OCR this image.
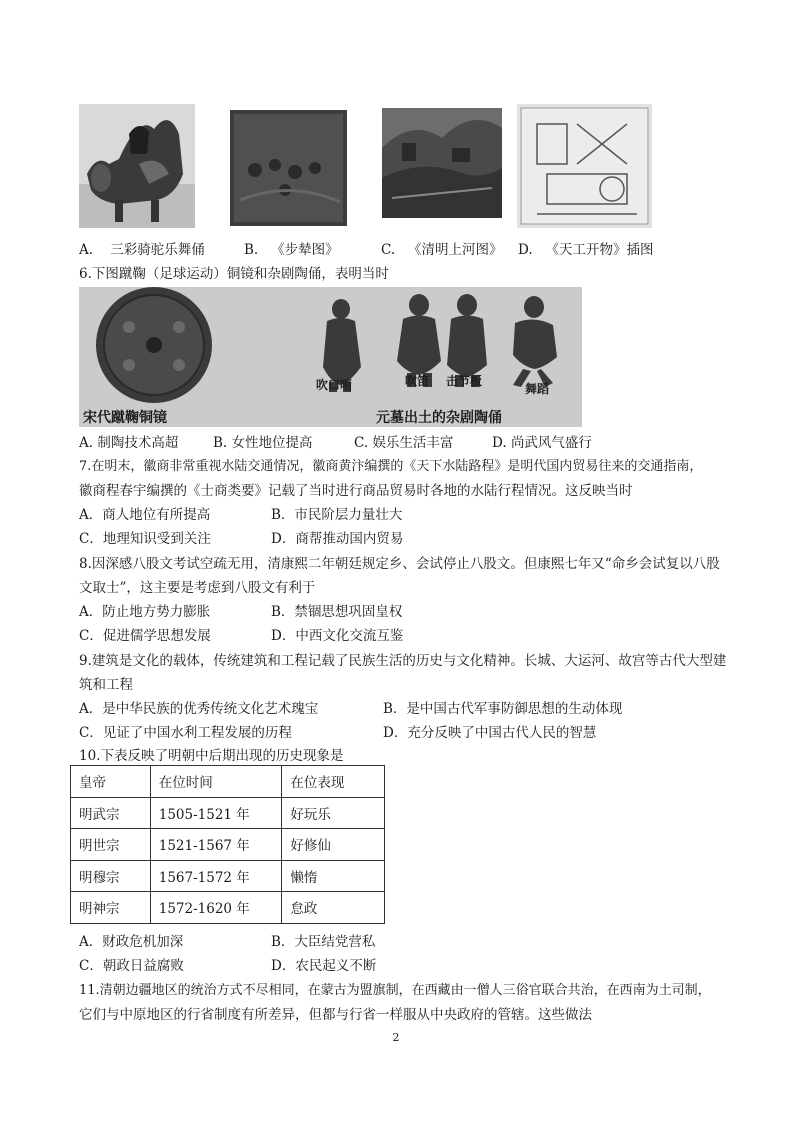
A. 三彩骑驼乐舞俑	B. 《步辇图》	C. 《清明上河图》 D. 《天工开物》插图
6.下图蹴鞠（足球运动）铜镜和杂剧陶俑，表明当时
宋代蹴鞠铜镜	元墓出土的杂剧陶俑
吹口哨	吹笛 击节板
舞蹈
A. 制陶技术高超	B. 女性地位提高	C. 娱乐生活丰富	D. 尚武风气盛行
7.在明末，徽商非常重视水陆交通情况，徽商黄汴编撰的《天下水陆路程》是明代国内贸易往来的交通指南，
徽商程春宇编撰的《士商类要》记载了当时进行商品贸易时各地的水陆行程情况。这反映当时
A．商人地位有所提高	B．市民阶层力量壮大
C．地理知识受到关注	D．商帮推动国内贸易
8.因深感八股文考试空疏无用，清康熙二年朝廷规定乡、会试停止八股文。但康熙七年又“命乡会试复以八股
文取士”，这主要是考虑到八股文有利于
A．防止地方势力膨胀	B．禁锢思想巩固皇权
C．促进儒学思想发展	D．中西文化交流互鉴
9.建筑是文化的载体，传统建筑和工程记载了民族生活的历史与文化精神。长城、大运河、故宫等古代大型建
筑和工程
A．是中华民族的优秀传统文化艺术瑰宝	B．是中国古代军事防御思想的生动体现
C．见证了中国水利工程发展的历程	D．充分反映了中国古代人民的智慧
10.下表反映了明朝中后期出现的历史现象是
皇帝	在位时间	在位表现
明武宗	1505-1521 年	好玩乐
明世宗	1521-1567 年	好修仙
明穆宗	1567-1572 年	懒惰
明神宗	1572-1620 年	怠政
A．财政危机加深	B．大臣结党营私
C．朝政日益腐败	D．农民起义不断
11.清朝边疆地区的统治方式不尽相同，在蒙古为盟旗制，在西藏由一僧人三俗官联合共治，在西南为土司制，
它们与中原地区的行省制度有所差异，但都与行省一样服从中央政府的管辖。这些做法
2
